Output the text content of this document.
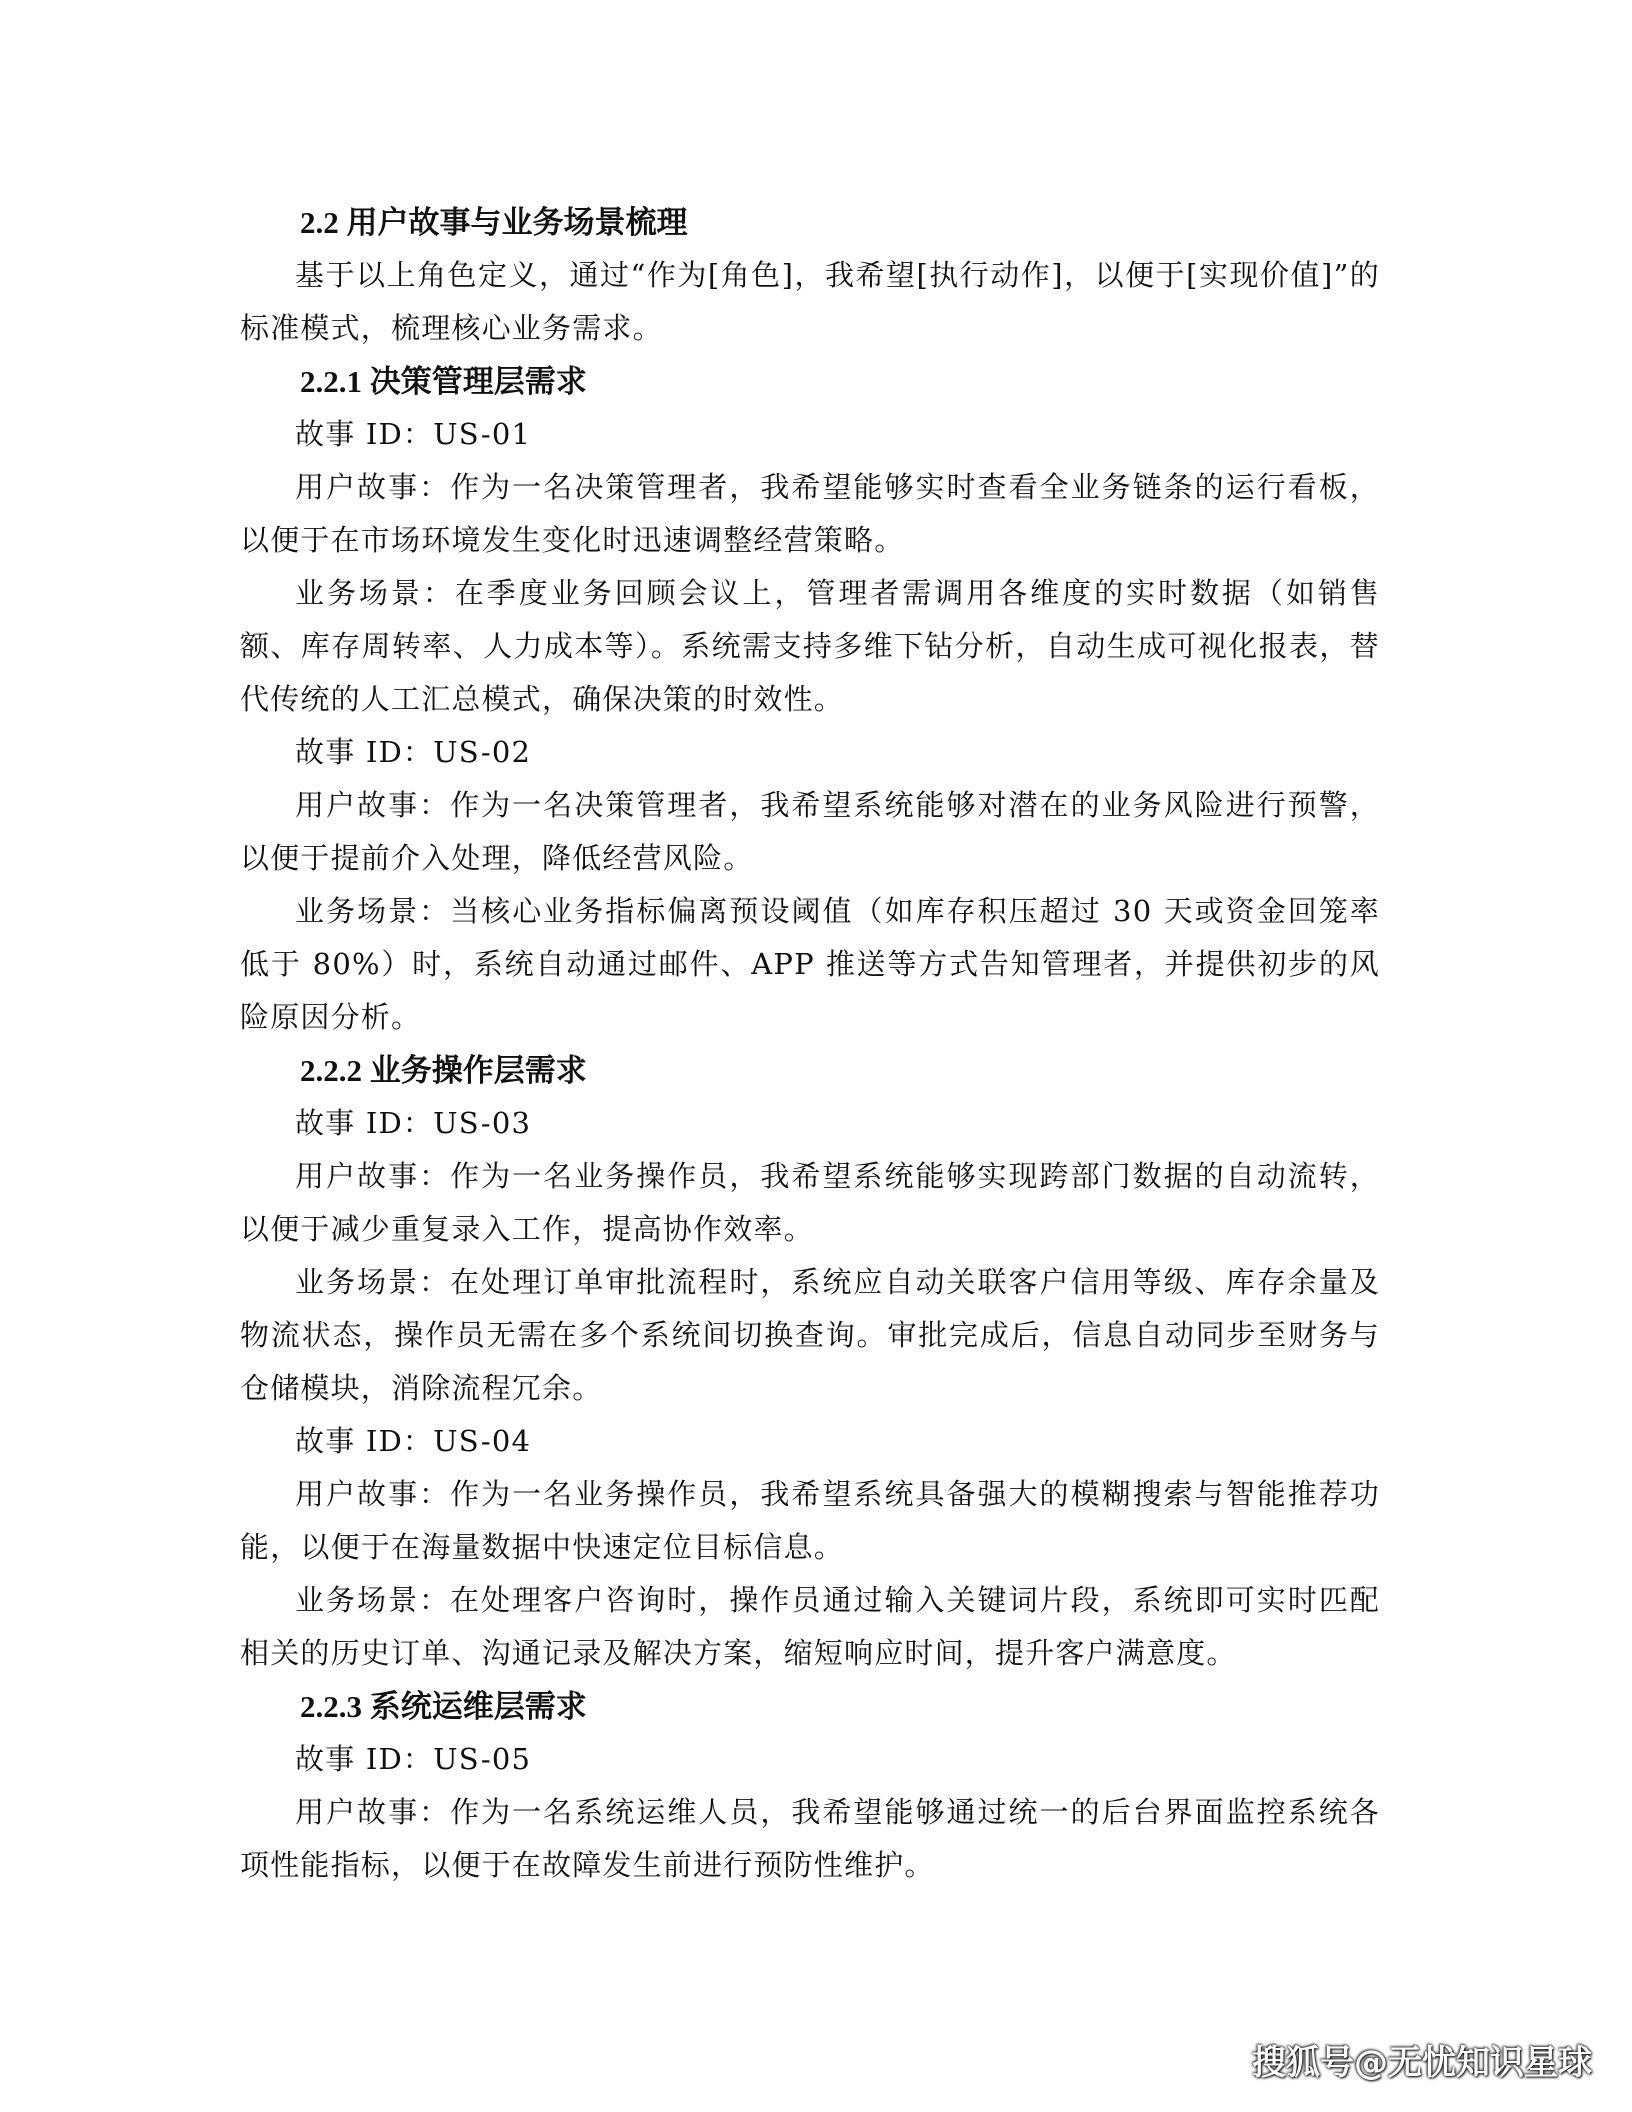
2.2 用户故事与业务场景梳理

基于以上角色定义，通过“作为[角色]，我希望[执行动作]，以便于[实现价值]”的标准模式，梳理核心业务需求。

2.2.1 决策管理层需求

故事 ID：US-01

用户故事：作为一名决策管理者，我希望能够实时查看全业务链条的运行看板，以便于在市场环境发生变化时迅速调整经营策略。

业务场景：在季度业务回顾会议上，管理者需调用各维度的实时数据（如销售额、库存周转率、人力成本等）。系统需支持多维下钻分析，自动生成可视化报表，替代传统的人工汇总模式，确保决策的时效性。

故事 ID：US-02

用户故事：作为一名决策管理者，我希望系统能够对潜在的业务风险进行预警，以便于提前介入处理，降低经营风险。

业务场景：当核心业务指标偏离预设阈值（如库存积压超过 30 天或资金回笼率低于 80%）时，系统自动通过邮件、APP 推送等方式告知管理者，并提供初步的风险原因分析。

2.2.2 业务操作层需求

故事 ID：US-03

用户故事：作为一名业务操作员，我希望系统能够实现跨部门数据的自动流转，以便于减少重复录入工作，提高协作效率。

业务场景：在处理订单审批流程时，系统应自动关联客户信用等级、库存余量及物流状态，操作员无需在多个系统间切换查询。审批完成后，信息自动同步至财务与仓储模块，消除流程冗余。

故事 ID：US-04

用户故事：作为一名业务操作员，我希望系统具备强大的模糊搜索与智能推荐功能，以便于在海量数据中快速定位目标信息。

业务场景：在处理客户咨询时，操作员通过输入关键词片段，系统即可实时匹配相关的历史订单、沟通记录及解决方案，缩短响应时间，提升客户满意度。

2.2.3 系统运维层需求

故事 ID：US-05

用户故事：作为一名系统运维人员，我希望能够通过统一的后台界面监控系统各项性能指标，以便于在故障发生前进行预防性维护。

搜狐号@无忧知识星球
